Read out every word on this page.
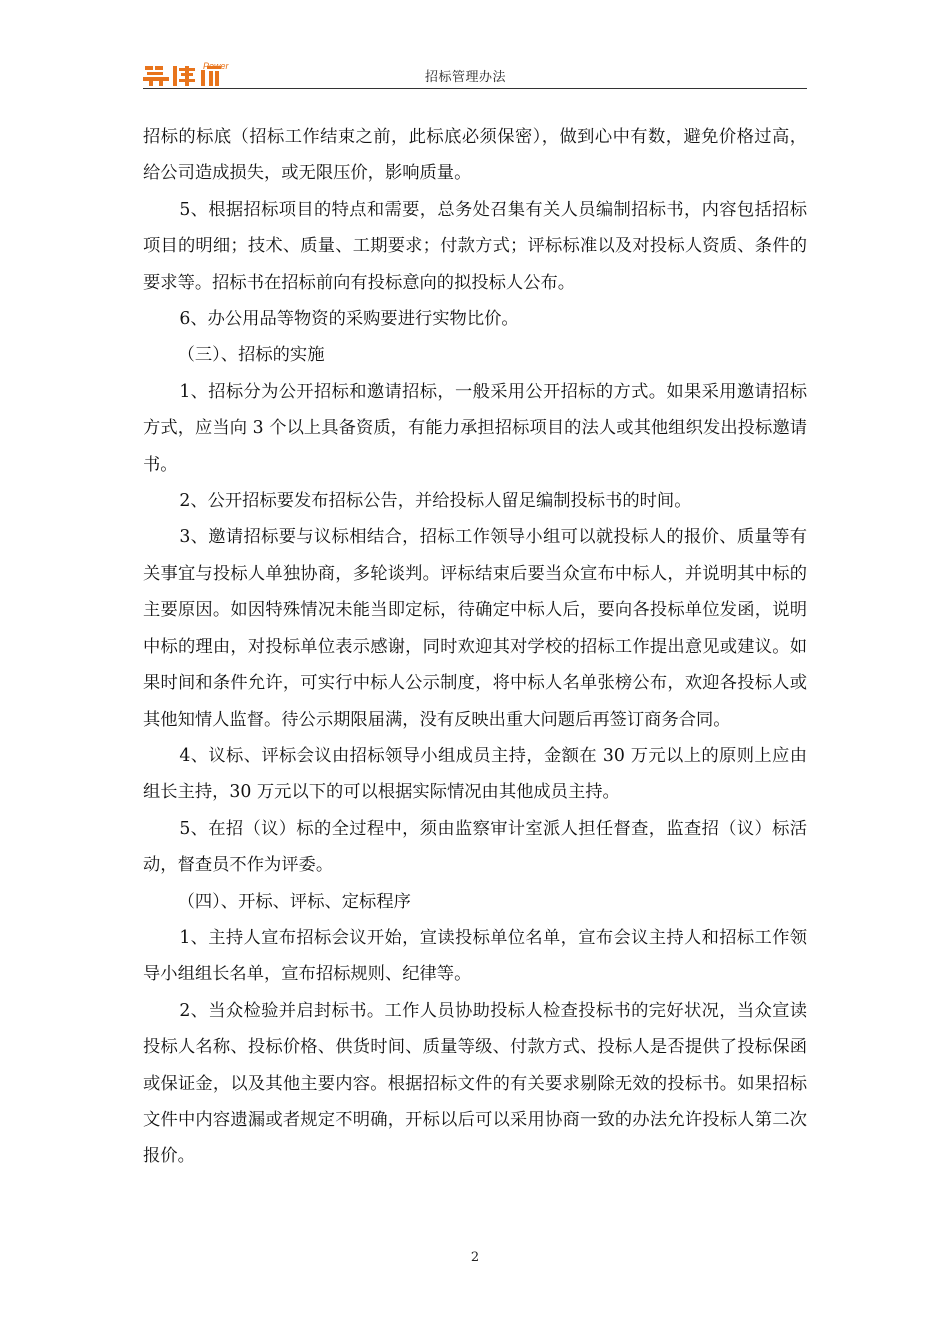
Power
招标管理办法

招标的标底（招标工作结束之前，此标底必须保密），做到心中有数，避免价格过高，给公司造成损失，或无限压价，影响质量。

5、根据招标项目的特点和需要，总务处召集有关人员编制招标书，内容包括招标项目的明细；技术、质量、工期要求；付款方式；评标标准以及对投标人资质、条件的要求等。招标书在招标前向有投标意向的拟投标人公布。

6、办公用品等物资的采购要进行实物比价。

（三）、招标的实施

1、招标分为公开招标和邀请招标，一般采用公开招标的方式。如果采用邀请招标方式，应当向 3 个以上具备资质，有能力承担招标项目的法人或其他组织发出投标邀请书。

2、公开招标要发布招标公告，并给投标人留足编制投标书的时间。

3、邀请招标要与议标相结合，招标工作领导小组可以就投标人的报价、质量等有关事宜与投标人单独协商，多轮谈判。评标结束后要当众宣布中标人，并说明其中标的主要原因。如因特殊情况未能当即定标，待确定中标人后，要向各投标单位发函，说明中标的理由，对投标单位表示感谢，同时欢迎其对学校的招标工作提出意见或建议。如果时间和条件允许，可实行中标人公示制度，将中标人名单张榜公布，欢迎各投标人或其他知情人监督。待公示期限届满，没有反映出重大问题后再签订商务合同。

4、议标、评标会议由招标领导小组成员主持，金额在 30 万元以上的原则上应由组长主持，30 万元以下的可以根据实际情况由其他成员主持。

5、在招（议）标的全过程中，须由监察审计室派人担任督查，监查招（议）标活动，督查员不作为评委。

（四）、开标、评标、定标程序

1、主持人宣布招标会议开始，宣读投标单位名单，宣布会议主持人和招标工作领导小组组长名单，宣布招标规则、纪律等。

2、当众检验并启封标书。工作人员协助投标人检查投标书的完好状况，当众宣读投标人名称、投标价格、供货时间、质量等级、付款方式、投标人是否提供了投标保函或保证金，以及其他主要内容。根据招标文件的有关要求剔除无效的投标书。如果招标文件中内容遗漏或者规定不明确，开标以后可以采用协商一致的办法允许投标人第二次报价。

2
